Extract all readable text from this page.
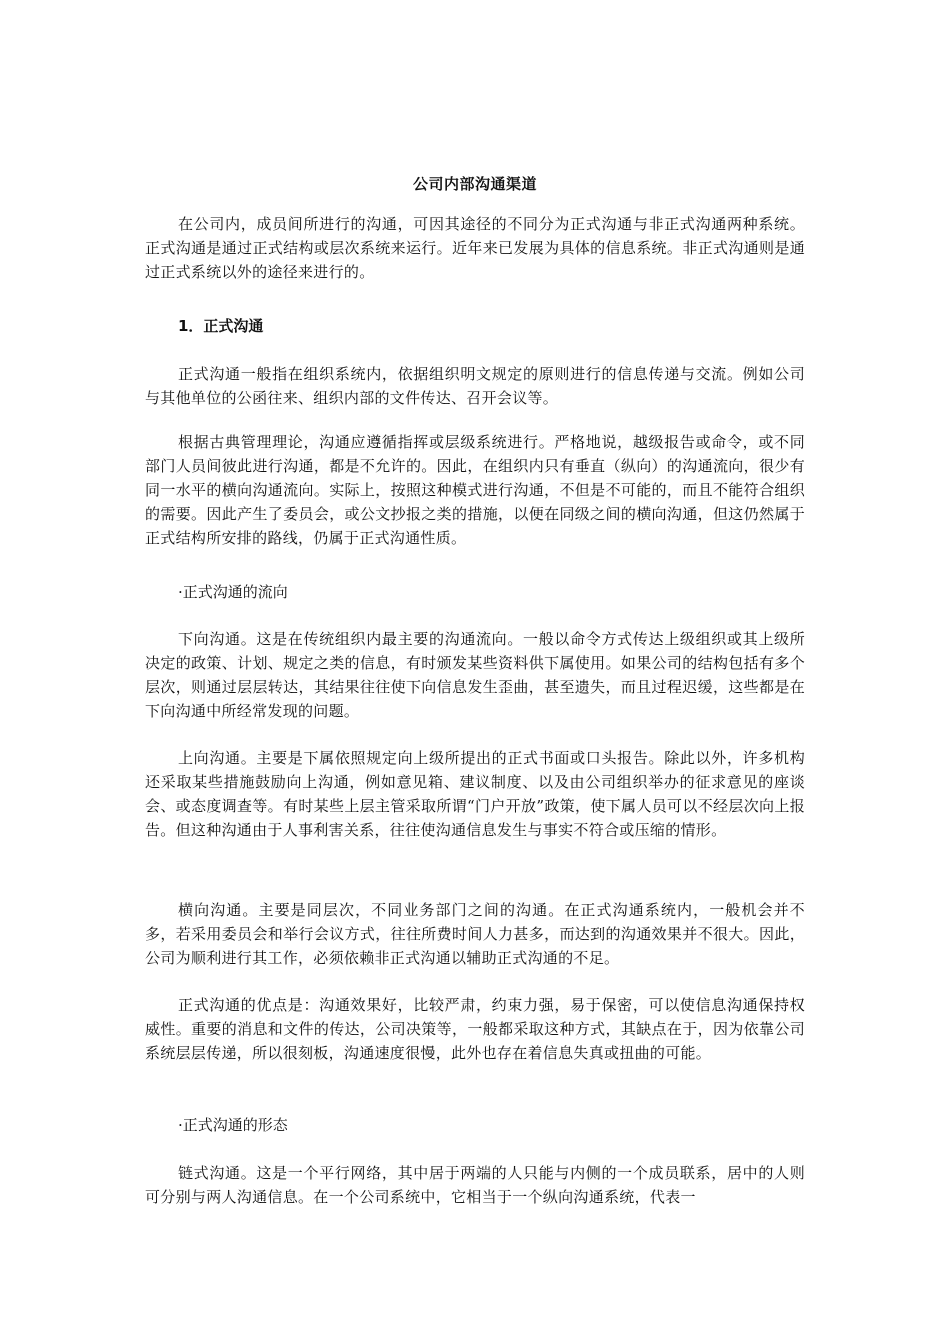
公司内部沟通渠道

在公司内，成员间所进行的沟通，可因其途径的不同分为正式沟通与非正式沟通两种系统。正式沟通是通过正式结构或层次系统来运行。近年来已发展为具体的信息系统。非正式沟通则是通过正式系统以外的途径来进行的。

1．正式沟通

正式沟通一般指在组织系统内，依据组织明文规定的原则进行的信息传递与交流。例如公司与其他单位的公函往来、组织内部的文件传达、召开会议等。

根据古典管理理论，沟通应遵循指挥或层级系统进行。严格地说，越级报告或命令，或不同部门人员间彼此进行沟通，都是不允许的。因此，在组织内只有垂直（纵向）的沟通流向，很少有同一水平的横向沟通流向。实际上，按照这种模式进行沟通，不但是不可能的，而且不能符合组织的需要。因此产生了委员会，或公文抄报之类的措施，以便在同级之间的横向沟通，但这仍然属于正式结构所安排的路线，仍属于正式沟通性质。

·正式沟通的流向

下向沟通。这是在传统组织内最主要的沟通流向。一般以命令方式传达上级组织或其上级所决定的政策、计划、规定之类的信息，有时颁发某些资料供下属使用。如果公司的结构包括有多个层次，则通过层层转达，其结果往往使下向信息发生歪曲，甚至遗失，而且过程迟缓，这些都是在下向沟通中所经常发现的问题。

上向沟通。主要是下属依照规定向上级所提出的正式书面或口头报告。除此以外，许多机构还采取某些措施鼓励向上沟通，例如意见箱、建议制度、以及由公司组织举办的征求意见的座谈会、或态度调查等。有时某些上层主管采取所谓“门户开放”政策，使下属人员可以不经层次向上报告。但这种沟通由于人事利害关系，往往使沟通信息发生与事实不符合或压缩的情形。

横向沟通。主要是同层次，不同业务部门之间的沟通。在正式沟通系统内，一般机会并不多，若采用委员会和举行会议方式，往往所费时间人力甚多，而达到的沟通效果并不很大。因此，公司为顺利进行其工作，必须依赖非正式沟通以辅助正式沟通的不足。

正式沟通的优点是：沟通效果好，比较严肃，约束力强，易于保密，可以使信息沟通保持权威性。重要的消息和文件的传达，公司决策等，一般都采取这种方式，其缺点在于，因为依靠公司系统层层传递，所以很刻板，沟通速度很慢，此外也存在着信息失真或扭曲的可能。

·正式沟通的形态

链式沟通。这是一个平行网络，其中居于两端的人只能与内侧的一个成员联系，居中的人则可分别与两人沟通信息。在一个公司系统中，它相当于一个纵向沟通系统，代表一
